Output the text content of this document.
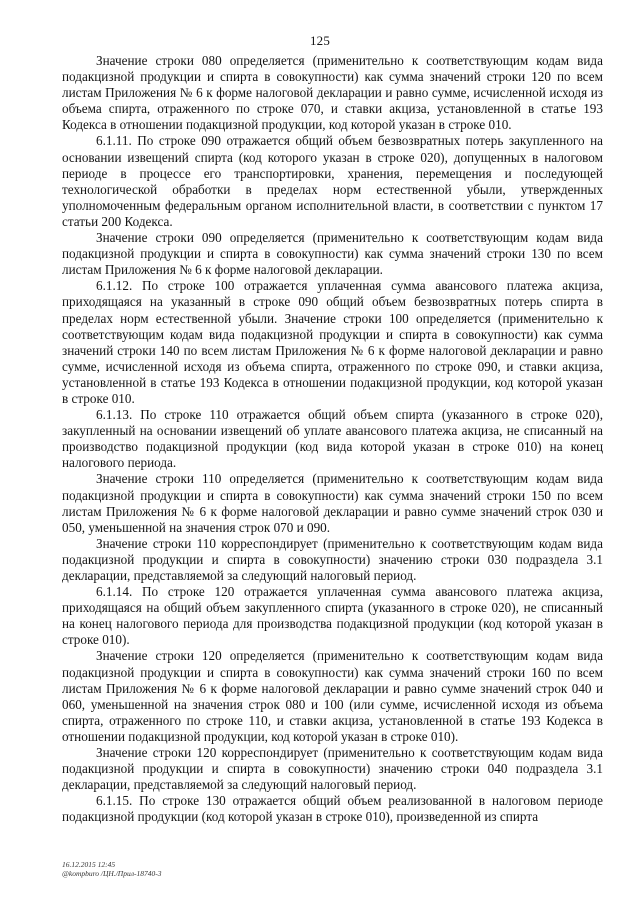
125

Значение строки 080 определяется (применительно к соответствующим кодам вида подакцизной продукции и спирта в совокупности) как сумма значений строки 120 по всем листам Приложения № 6 к форме налоговой декларации и равно сумме, исчисленной исходя из объема спирта, отраженного по строке 070, и ставки акциза, установленной в статье 193 Кодекса в отношении подакцизной продукции, код которой указан в строке 010.

6.1.11. По строке 090 отражается общий объем безвозвратных потерь закупленного на основании извещений спирта (код которого указан в строке 020), допущенных в налоговом периоде в процессе его транспортировки, хранения, перемещения и последующей технологической обработки в пределах норм естественной убыли, утвержденных уполномоченным федеральным органом исполнительной власти, в соответствии с пунктом 17 статьи 200 Кодекса.

Значение строки 090 определяется (применительно к соответствующим кодам вида подакцизной продукции и спирта в совокупности) как сумма значений строки 130 по всем листам Приложения № 6 к форме налоговой декларации.

6.1.12. По строке 100 отражается уплаченная сумма авансового платежа акциза, приходящаяся на указанный в строке 090 общий объем безвозвратных потерь спирта в пределах норм естественной убыли. Значение строки 100 определяется (применительно к соответствующим кодам вида подакцизной продукции и спирта в совокупности) как сумма значений строки 140 по всем листам Приложения № 6 к форме налоговой декларации и равно сумме, исчисленной исходя из объема спирта, отраженного по строке 090, и ставки акциза, установленной в статье 193 Кодекса в отношении подакцизной продукции, код которой указан в строке 010.

6.1.13. По строке 110 отражается общий объем спирта (указанного в строке 020), закупленный на основании извещений об уплате авансового платежа акциза, не списанный на производство подакцизной продукции (код вида которой указан в строке 010) на конец налогового периода.

Значение строки 110 определяется (применительно к соответствующим кодам вида подакцизной продукции и спирта в совокупности) как сумма значений строки 150 по всем листам Приложения № 6 к форме налоговой декларации и равно сумме значений строк 030 и 050, уменьшенной на значения строк 070 и 090.

Значение строки 110 корреспондирует (применительно к соответствующим кодам вида подакцизной продукции и спирта в совокупности) значению строки 030 подраздела 3.1 декларации, представляемой за следующий налоговый период.

6.1.14. По строке 120 отражается уплаченная сумма авансового платежа акциза, приходящаяся на общий объем закупленного спирта (указанного в строке 020), не списанный на конец налогового периода для производства подакцизной продукции (код которой указан в строке 010).

Значение строки 120 определяется (применительно к соответствующим кодам вида подакцизной продукции и спирта в совокупности) как сумма значений строки 160 по всем листам Приложения № 6 к форме налоговой декларации и равно сумме значений строк 040 и 060, уменьшенной на значения строк 080 и 100 (или сумме, исчисленной исходя из объема спирта, отраженного по строке 110, и ставки акциза, установленной в статье 193 Кодекса в отношении подакцизной продукции, код которой указан в строке 010).

Значение строки 120 корреспондирует (применительно к соответствующим кодам вида подакцизной продукции и спирта в совокупности) значению строки 040 подраздела 3.1 декларации, представляемой за следующий налоговый период.

6.1.15. По строке 130 отражается общий объем реализованной в налоговом периоде подакцизной продукции (код которой указан в строке 010), произведенной из спирта

16.12.2015 12:45
@kompburo /ЦН./Прил-18740-3
